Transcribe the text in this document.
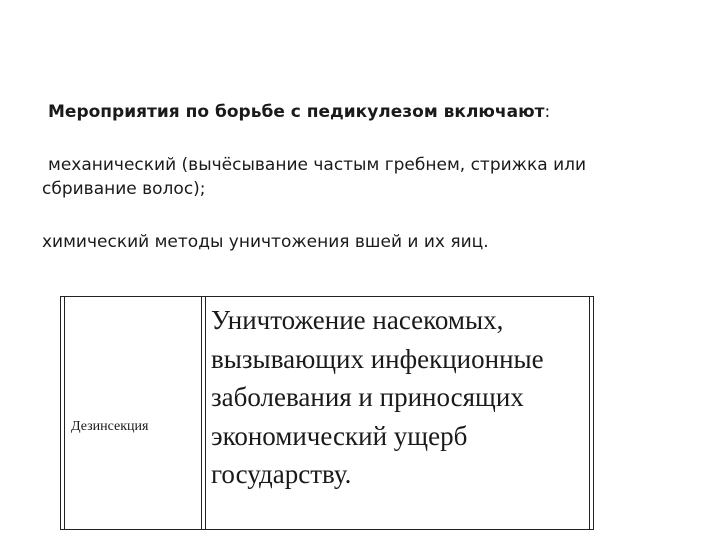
Мероприятия по борьбе с педикулезом включают:
механический (вычёсывание частым гребнем, стрижка или
сбривание волос);
химический методы уничтожения вшей и их яиц.
Дезинсекция
Уничтожение насекомых, вызывающих инфекционные заболевания и приносящих экономический ущерб государству.
